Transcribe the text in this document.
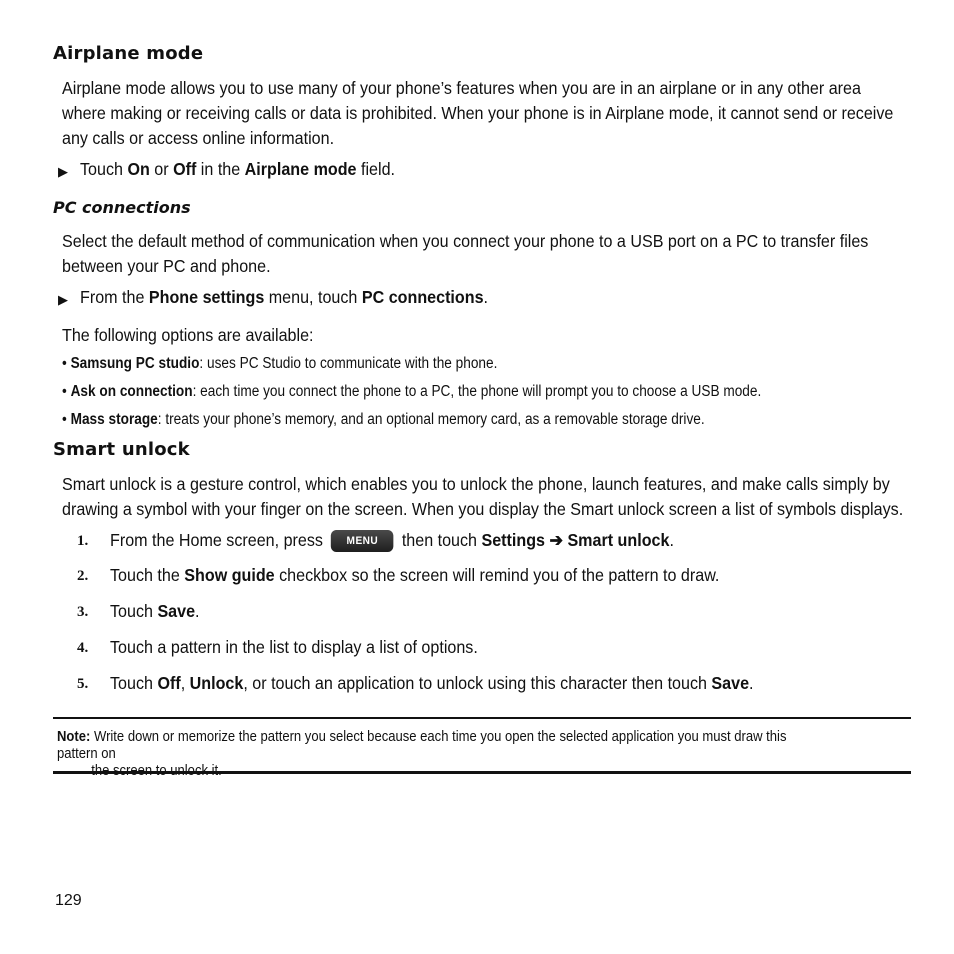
Airplane mode
Airplane mode allows you to use many of your phone’s features when you are in an airplane or in any other area
where making or receiving calls or data is prohibited. When your phone is in Airplane mode, it cannot send or receive
any calls or access online information.
▶ Touch On or Off in the Airplane mode field.
PC connections
Select the default method of communication when you connect your phone to a USB port on a PC to transfer files
between your PC and phone.
▶ From the Phone settings menu, touch PC connections.
The following options are available:
• Samsung PC studio: uses PC Studio to communicate with the phone.
• Ask on connection: each time you connect the phone to a PC, the phone will prompt you to choose a USB mode.
• Mass storage: treats your phone’s memory, and an optional memory card, as a removable storage drive.
Smart unlock
Smart unlock is a gesture control, which enables you to unlock the phone, launch features, and make calls simply by
drawing a symbol with your finger on the screen. When you display the Smart unlock screen a list of symbols displays.
1. From the Home screen, press MENU then touch Settings ➔ Smart unlock.
2. Touch the Show guide checkbox so the screen will remind you of the pattern to draw.
3. Touch Save.
4. Touch a pattern in the list to display a list of options.
5. Touch Off, Unlock, or touch an application to unlock using this character then touch Save.
Note: Write down or memorize the pattern you select because each time you open the selected application you must draw this pattern on
129
